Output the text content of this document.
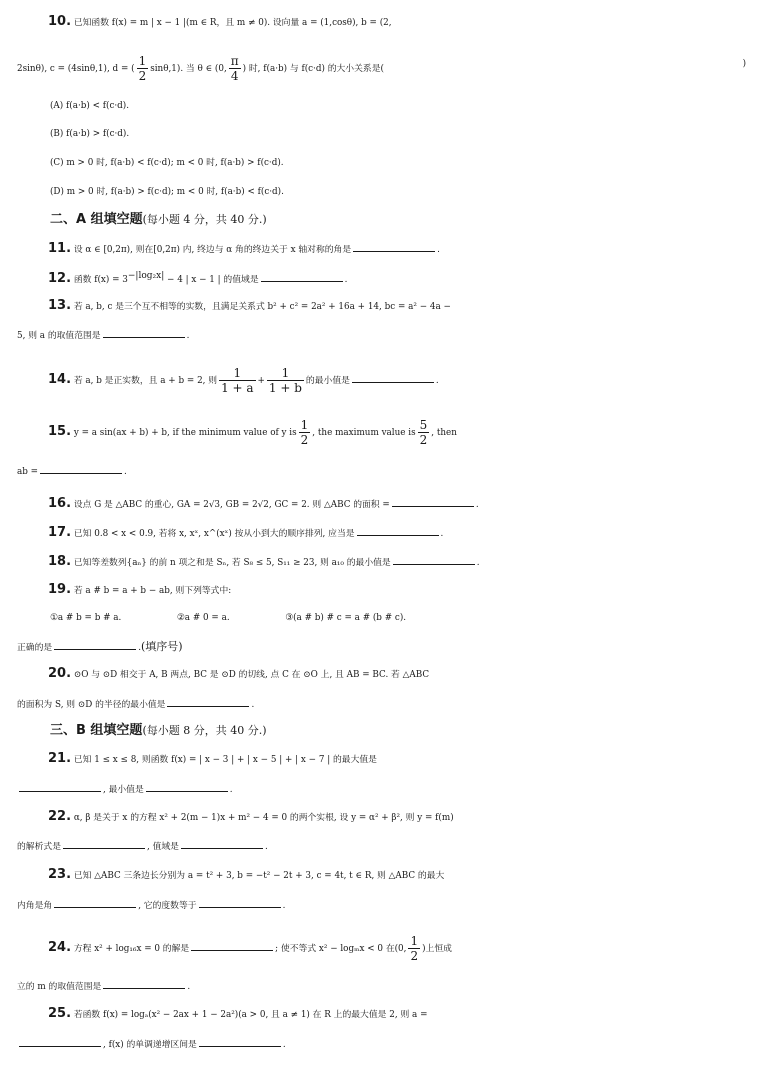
10. 已知函数 f(x) = m | x − 1 |(m ∈ R，且 m ≠ 0). 设向量 a = (1,cosθ), b = (2,
2sinθ), c = (4sinθ,1), d = ( $\frac{1}{2} \sin\theta,1$). 当 θ ∈ (0, $\frac{\pi}{4}$ ) 时, f(a·b) 与 f(c·d) 的大小关系是(	)
(A) f(a·b) < f(c·d).
(B) f(a·b) > f(c·d).
(C) m > 0 时, f(a·b) < f(c·d); m < 0 时, f(a·b) > f(c·d).
(D) m > 0 时, f(a·b) > f(c·d); m < 0 时, f(a·b) < f(c·d).
二、A 组填空题(每小题 4 分，共 40 分.)
11. 设 α ∈ [0,2π), 则在[0,2π) 内, 终边与 α 角的终边关于 x 轴对称的角是	.
12. 函数 $f(x) = 3^{-|log_2x|} - 4$ | x − 1 | 的值域是	.
13. 若 a, b, c 是三个互不相等的实数，且满足关系式 b² + c² = 2a² + 16a + 14, bc = a² − 4a −
5, 则 a 的取值范围是	.
14. 若 a, b 是正实数，且 a + b = 2, 则 $\frac{1}{1 + a} + \frac{1}{1 + b}$ 的最小值是	.
15. y = a sin(ax + b) + b, if the minimum value of y is $\frac{1}{2}$ , the maximum value is $\frac{5}{2}$ , then
ab =	.
16. 设点 G 是 △ABC 的重心, GA = 2√3, GB = 2√2, GC = 2. 则 △ABC 的面积 =	.
17. 已知 0.8 < x < 0.9, 若将 x, xˣ, x^(xˣ) 按从小到大的顺序排列, 应当是	.
18. 已知等差数列{aₙ} 的前 n 项之和是 Sₙ, 若 S₈ ≤ 5, S₁₁ ≥ 23, 则 a₁₀ 的最小值是	.
19. 若 a # b = a + b − ab, 则下列等式中:
①a # b = b # a.	②a # 0 = a.	③(a # b) # c = a # (b # c).
正确的是	.(填序号)
20. ⊙O 与 ⊙D 相交于 A, B 两点, BC 是 ⊙D 的切线, 点 C 在 ⊙O 上, 且 AB = BC. 若 △ABC
的面积为 S, 则 ⊙D 的半径的最小值是	.
三、B 组填空题(每小题 8 分，共 40 分.)
21. 已知 1 ≤ x ≤ 8, 则函数 f(x) = | x − 3 | + | x − 5 | + | x − 7 | 的最大值是
, 最小值是	.
22. α, β 是关于 x 的方程 x² + 2(m − 1)x + m² − 4 = 0 的两个实根, 设 y = α² + β², 则 y = f(m)
的解析式是	, 值域是	.
23. 已知 △ABC 三条边长分别为 a = t² + 3, b = −t² − 2t + 3, c = 4t, t ∈ R, 则 △ABC 的最大
内角是角	, 它的度数等于	.
24. 方程 x² + log₁₆x = 0 的解是	; 使不等式 x² − logₘx < 0 在(0, $\frac{1}{2}$ )上恒成
立的 m 的取值范围是	.
25. 若函数 f(x) = logₐ(x² − 2ax + 1 − 2a²)(a > 0, 且 a ≠ 1) 在 R 上的最大值是 2, 则 a =
, f(x) 的单调递增区间是	.
